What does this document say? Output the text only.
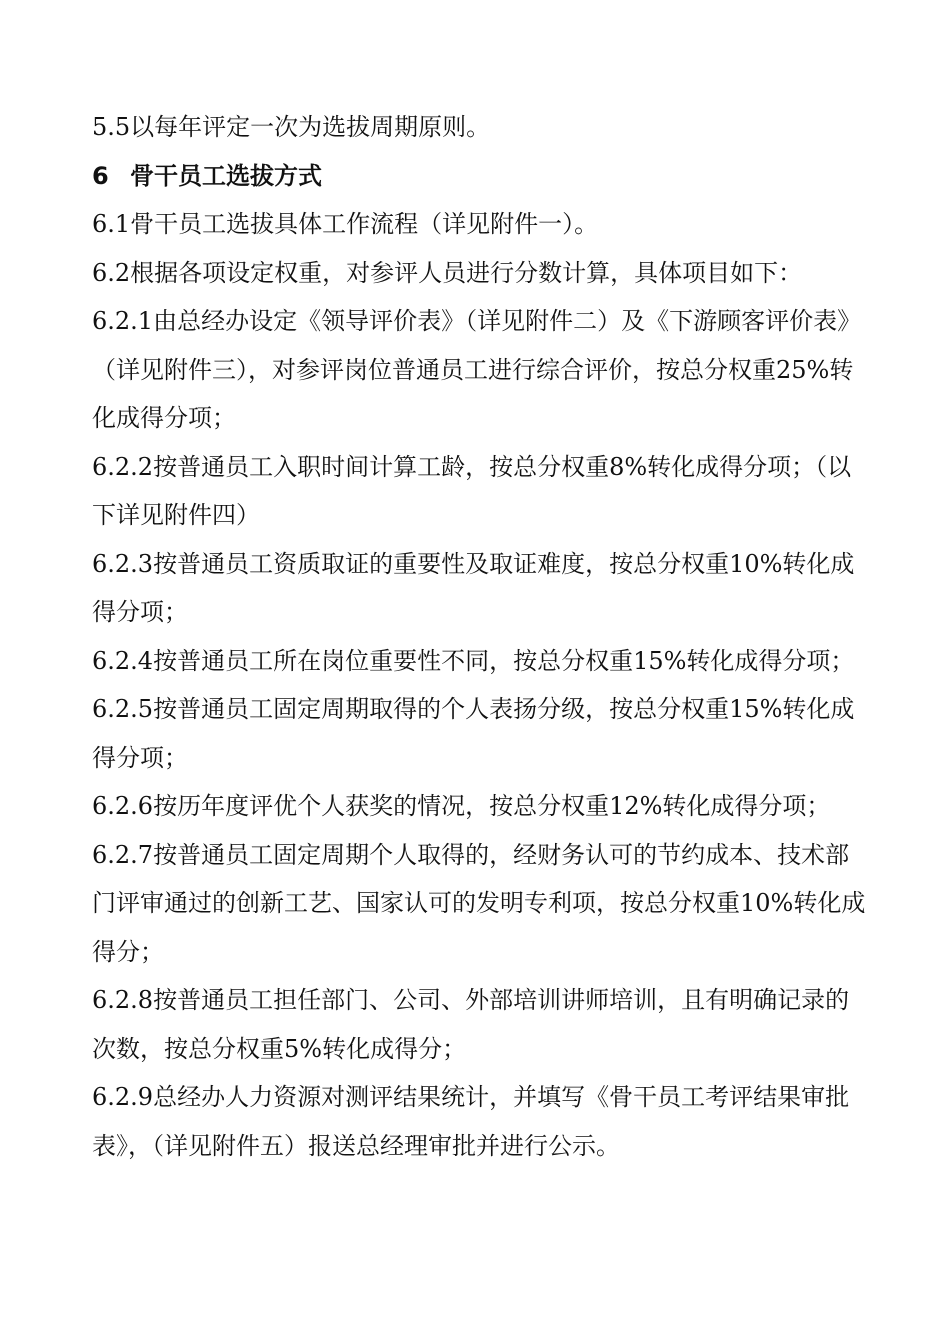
5.5以每年评定一次为选拔周期原则。

6 骨干员工选拔方式

6.1骨干员工选拔具体工作流程（详见附件一）。

6.2根据各项设定权重，对参评人员进行分数计算，具体项目如下：

6.2.1由总经办设定《领导评价表》（详见附件二）及《下游顾客评价表》（详见附件三），对参评岗位普通员工进行综合评价，按总分权重25%转化成得分项；

6.2.2按普通员工入职时间计算工龄，按总分权重8%转化成得分项；（以下详见附件四）

6.2.3按普通员工资质取证的重要性及取证难度，按总分权重10%转化成得分项；

6.2.4按普通员工所在岗位重要性不同，按总分权重15%转化成得分项；

6.2.5按普通员工固定周期取得的个人表扬分级，按总分权重15%转化成得分项；

6.2.6按历年度评优个人获奖的情况，按总分权重12%转化成得分项；

6.2.7按普通员工固定周期个人取得的，经财务认可的节约成本、技术部门评审通过的创新工艺、国家认可的发明专利项，按总分权重10%转化成得分；

6.2.8按普通员工担任部门、公司、外部培训讲师培训，且有明确记录的次数，按总分权重5%转化成得分；

6.2.9总经办人力资源对测评结果统计，并填写《骨干员工考评结果审批表》，（详见附件五）报送总经理审批并进行公示。
